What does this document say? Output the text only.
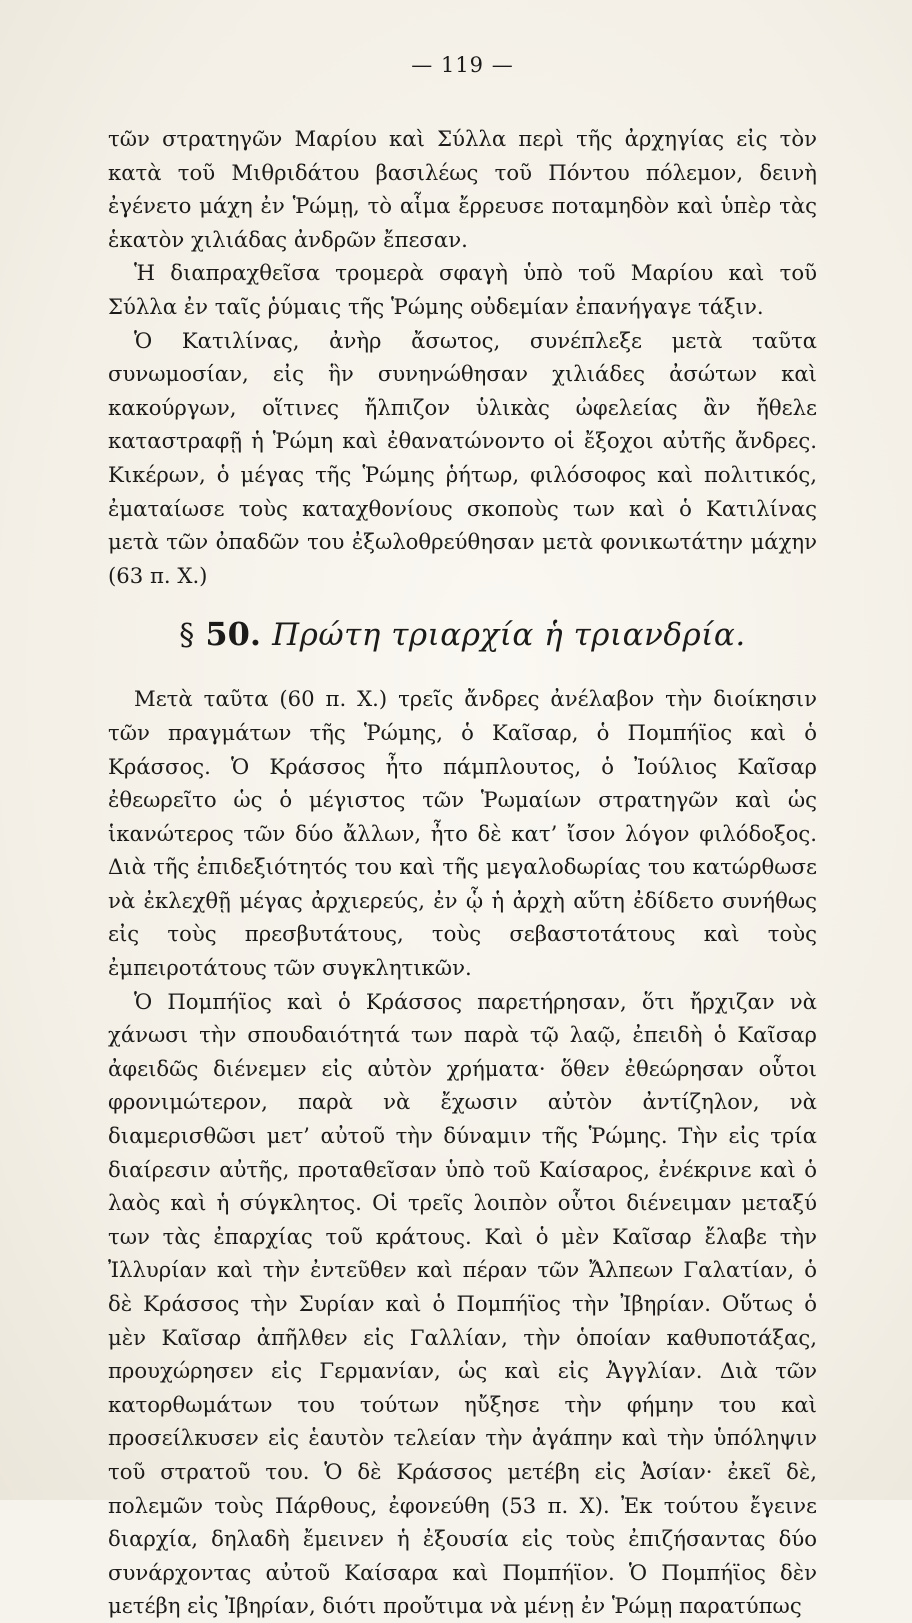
— 119 —

τῶν στρατηγῶν Μαρίου καὶ Σύλλα περὶ τῆς ἀρχηγίας εἰς τὸν κατὰ τοῦ Μιθριδάτου βασιλέως τοῦ Πόντου πόλεμον, δεινὴ ἐγένετο μάχη ἐν Ῥώμῃ, τὸ αἷμα ἔρρευσε ποταμηδὸν καὶ ὑπὲρ τὰς ἑκατὸν χιλιάδας ἀνδρῶν ἔπεσαν.

Ἡ διαπραχθεῖσα τρομερὰ σφαγὴ ὑπὸ τοῦ Μαρίου καὶ τοῦ Σύλλα ἐν ταῖς ῥύμαις τῆς Ῥώμης οὐδεμίαν ἐπανήγαγε τάξιν.

Ὁ Κατιλίνας, ἀνὴρ ἄσωτος, συνέπλεξε μετὰ ταῦτα συνωμοσίαν, εἰς ἣν συνηνώθησαν χιλιάδες ἀσώτων καὶ κακούργων, οἵτινες ἤλπιζον ὑλικὰς ὠφελείας ἂν ἤθελε καταστραφῇ ἡ Ῥώμη καὶ ἐθανατώνοντο οἱ ἔξοχοι αὐτῆς ἄνδρες. Κικέρων, ὁ μέγας τῆς Ῥώμης ῥήτωρ, φιλόσοφος καὶ πολιτικός, ἐματαίωσε τοὺς καταχθονίους σκοποὺς των καὶ ὁ Κατιλίνας μετὰ τῶν ὀπαδῶν του ἐξωλοθρεύθησαν μετὰ φονικωτάτην μάχην (63 π. Χ.)

§ 50. Πρώτη τριαρχία ἡ τριανδρία.

Μετὰ ταῦτα (60 π. Χ.) τρεῖς ἄνδρες ἀνέλαβον τὴν διοίκησιν τῶν πραγμάτων τῆς Ῥώμης, ὁ Καῖσαρ, ὁ Πομπήϊος καὶ ὁ Κράσσος. Ὁ Κράσσος ἦτο πάμπλουτος, ὁ Ἰούλιος Καῖσαρ ἐθεωρεῖτο ὡς ὁ μέγιστος τῶν Ῥωμαίων στρατηγῶν καὶ ὡς ἱκανώτερος τῶν δύο ἄλλων, ἦτο δὲ κατ’ ἴσον λόγον φιλόδοξος. Διὰ τῆς ἐπιδεξιότητός του καὶ τῆς μεγαλοδωρίας του κατώρθωσε νὰ ἐκλεχθῇ μέγας ἀρχιερεύς, ἐν ᾧ ἡ ἀρχὴ αὕτη ἐδίδετο συνήθως εἰς τοὺς πρεσβυτάτους, τοὺς σεβαστοτάτους καὶ τοὺς ἐμπειροτάτους τῶν συγκλητικῶν.

Ὁ Πομπήϊος καὶ ὁ Κράσσος παρετήρησαν, ὅτι ἤρχιζαν νὰ χάνωσι τὴν σπουδαιότητά των παρὰ τῷ λαῷ, ἐπειδὴ ὁ Καῖσαρ ἀφειδῶς διένεμεν εἰς αὐτὸν χρήματα· ὅθεν ἐθεώρησαν οὗτοι φρονιμώτερον, παρὰ νὰ ἔχωσιν αὐτὸν ἀντίζηλον, νὰ διαμερισθῶσι μετ’ αὐτοῦ τὴν δύναμιν τῆς Ῥώμης. Τὴν εἰς τρία διαίρεσιν αὐτῆς, προταθεῖσαν ὑπὸ τοῦ Καίσαρος, ἐνέκρινε καὶ ὁ λαὸς καὶ ἡ σύγκλητος. Οἱ τρεῖς λοιπὸν οὗτοι διένειμαν μεταξύ των τὰς ἐπαρχίας τοῦ κράτους. Καὶ ὁ μὲν Καῖσαρ ἔλαβε τὴν Ἰλλυρίαν καὶ τὴν ἐντεῦθεν καὶ πέραν τῶν Ἄλπεων Γαλατίαν, ὁ δὲ Κράσσος τὴν Συρίαν καὶ ὁ Πομπήϊος τὴν Ἰβηρίαν. Οὕτως ὁ μὲν Καῖσαρ ἀπῆλθεν εἰς Γαλλίαν, τὴν ὁποίαν καθυποτάξας, προυχώρησεν εἰς Γερμανίαν, ὡς καὶ εἰς Ἀγγλίαν. Διὰ τῶν κατορθωμάτων του τούτων ηὔξησε τὴν φήμην του καὶ προσείλκυσεν εἰς ἑαυτὸν τελείαν τὴν ἀγάπην καὶ τὴν ὑπόληψιν τοῦ στρατοῦ του. Ὁ δὲ Κράσσος μετέβη εἰς Ἀσίαν· ἐκεῖ δὲ, πολεμῶν τοὺς Πάρθους, ἐφονεύθη (53 π. Χ). Ἐκ τούτου ἔγεινε διαρχία, δηλαδὴ ἔμεινεν ἡ ἐξουσία εἰς τοὺς ἐπιζήσαντας δύο συνάρχοντας αὐτοῦ Καίσαρα καὶ Πομπήϊον. Ὁ Πομπήϊος δὲν μετέβη εἰς Ἰβηρίαν, διότι προὔτιμα νὰ μένῃ ἐν Ῥώμῃ παρατύπως
